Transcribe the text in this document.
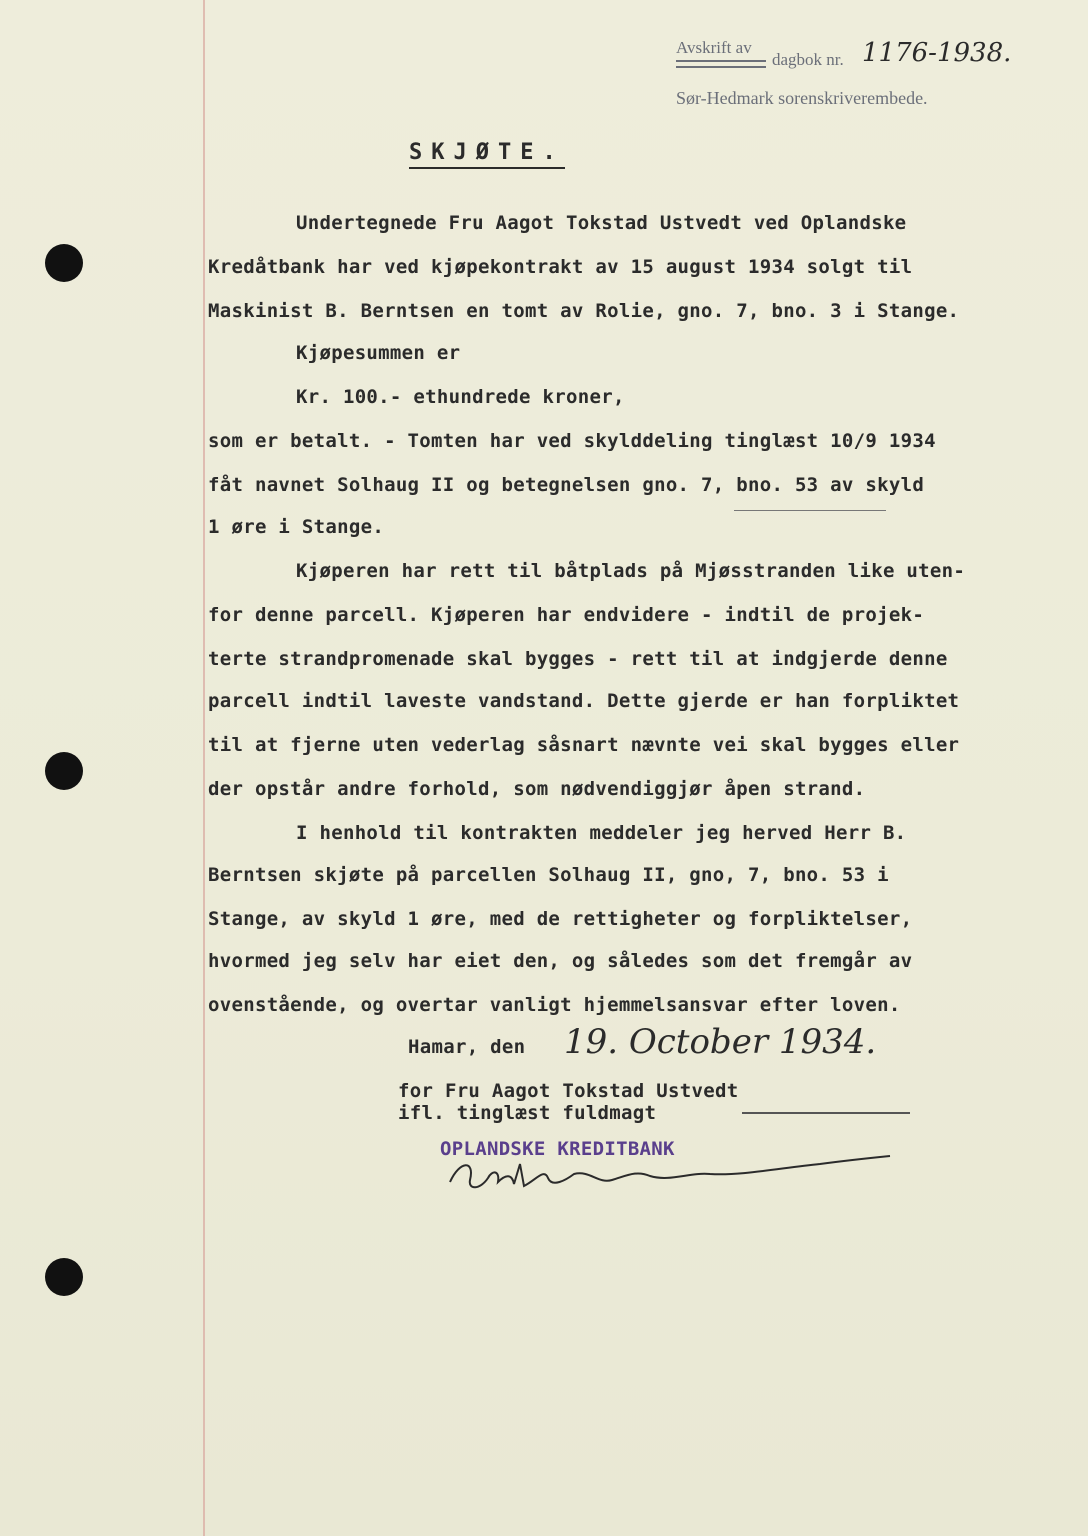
Avskrift av
dagbok nr. 1176-1938.
Sør-Hedmark sorenskriverembede.
SKJØTE.
Undertegnede Fru Aagot Tokstad Ustvedt ved Oplandske
Kredåtbank har ved kjøpekontrakt av 15 august 1934 solgt til
Maskinist B. Berntsen en tomt av Rolie, gno. 7, bno. 3 i Stange.
Kjøpesummen er
Kr. 100.- ethundrede kroner,
som er betalt. - Tomten har ved skylddeling tinglæst 10/9 1934
fåt navnet Solhaug II og betegnelsen gno. 7, bno. 53 av skyld
1 øre i Stange.
Kjøperen har rett til båtplads på Mjøsstranden like uten-
for denne parcell. Kjøperen har endvidere - indtil de projek-
terte strandpromenade skal bygges - rett til at indgjerde denne
parcell indtil laveste vandstand. Dette gjerde er han forpliktet
til at fjerne uten vederlag såsnart nævnte vei skal bygges eller
der opstår andre forhold, som nødvendiggjør åpen strand.
I henhold til kontrakten meddeler jeg herved Herr B.
Berntsen skjøte på parcellen Solhaug II, gno, 7, bno. 53 i
Stange, av skyld 1 øre, med de rettigheter og forpliktelser,
hvormed jeg selv har eiet den, og således som det fremgår av
ovenstående, og overtar vanligt hjemmelsansvar efter loven.
Hamar, den 19. October 1934.
for Fru Aagot Tokstad Ustvedt
ifl. tinglæst fuldmagt
OPLANDSKE KREDITBANK
